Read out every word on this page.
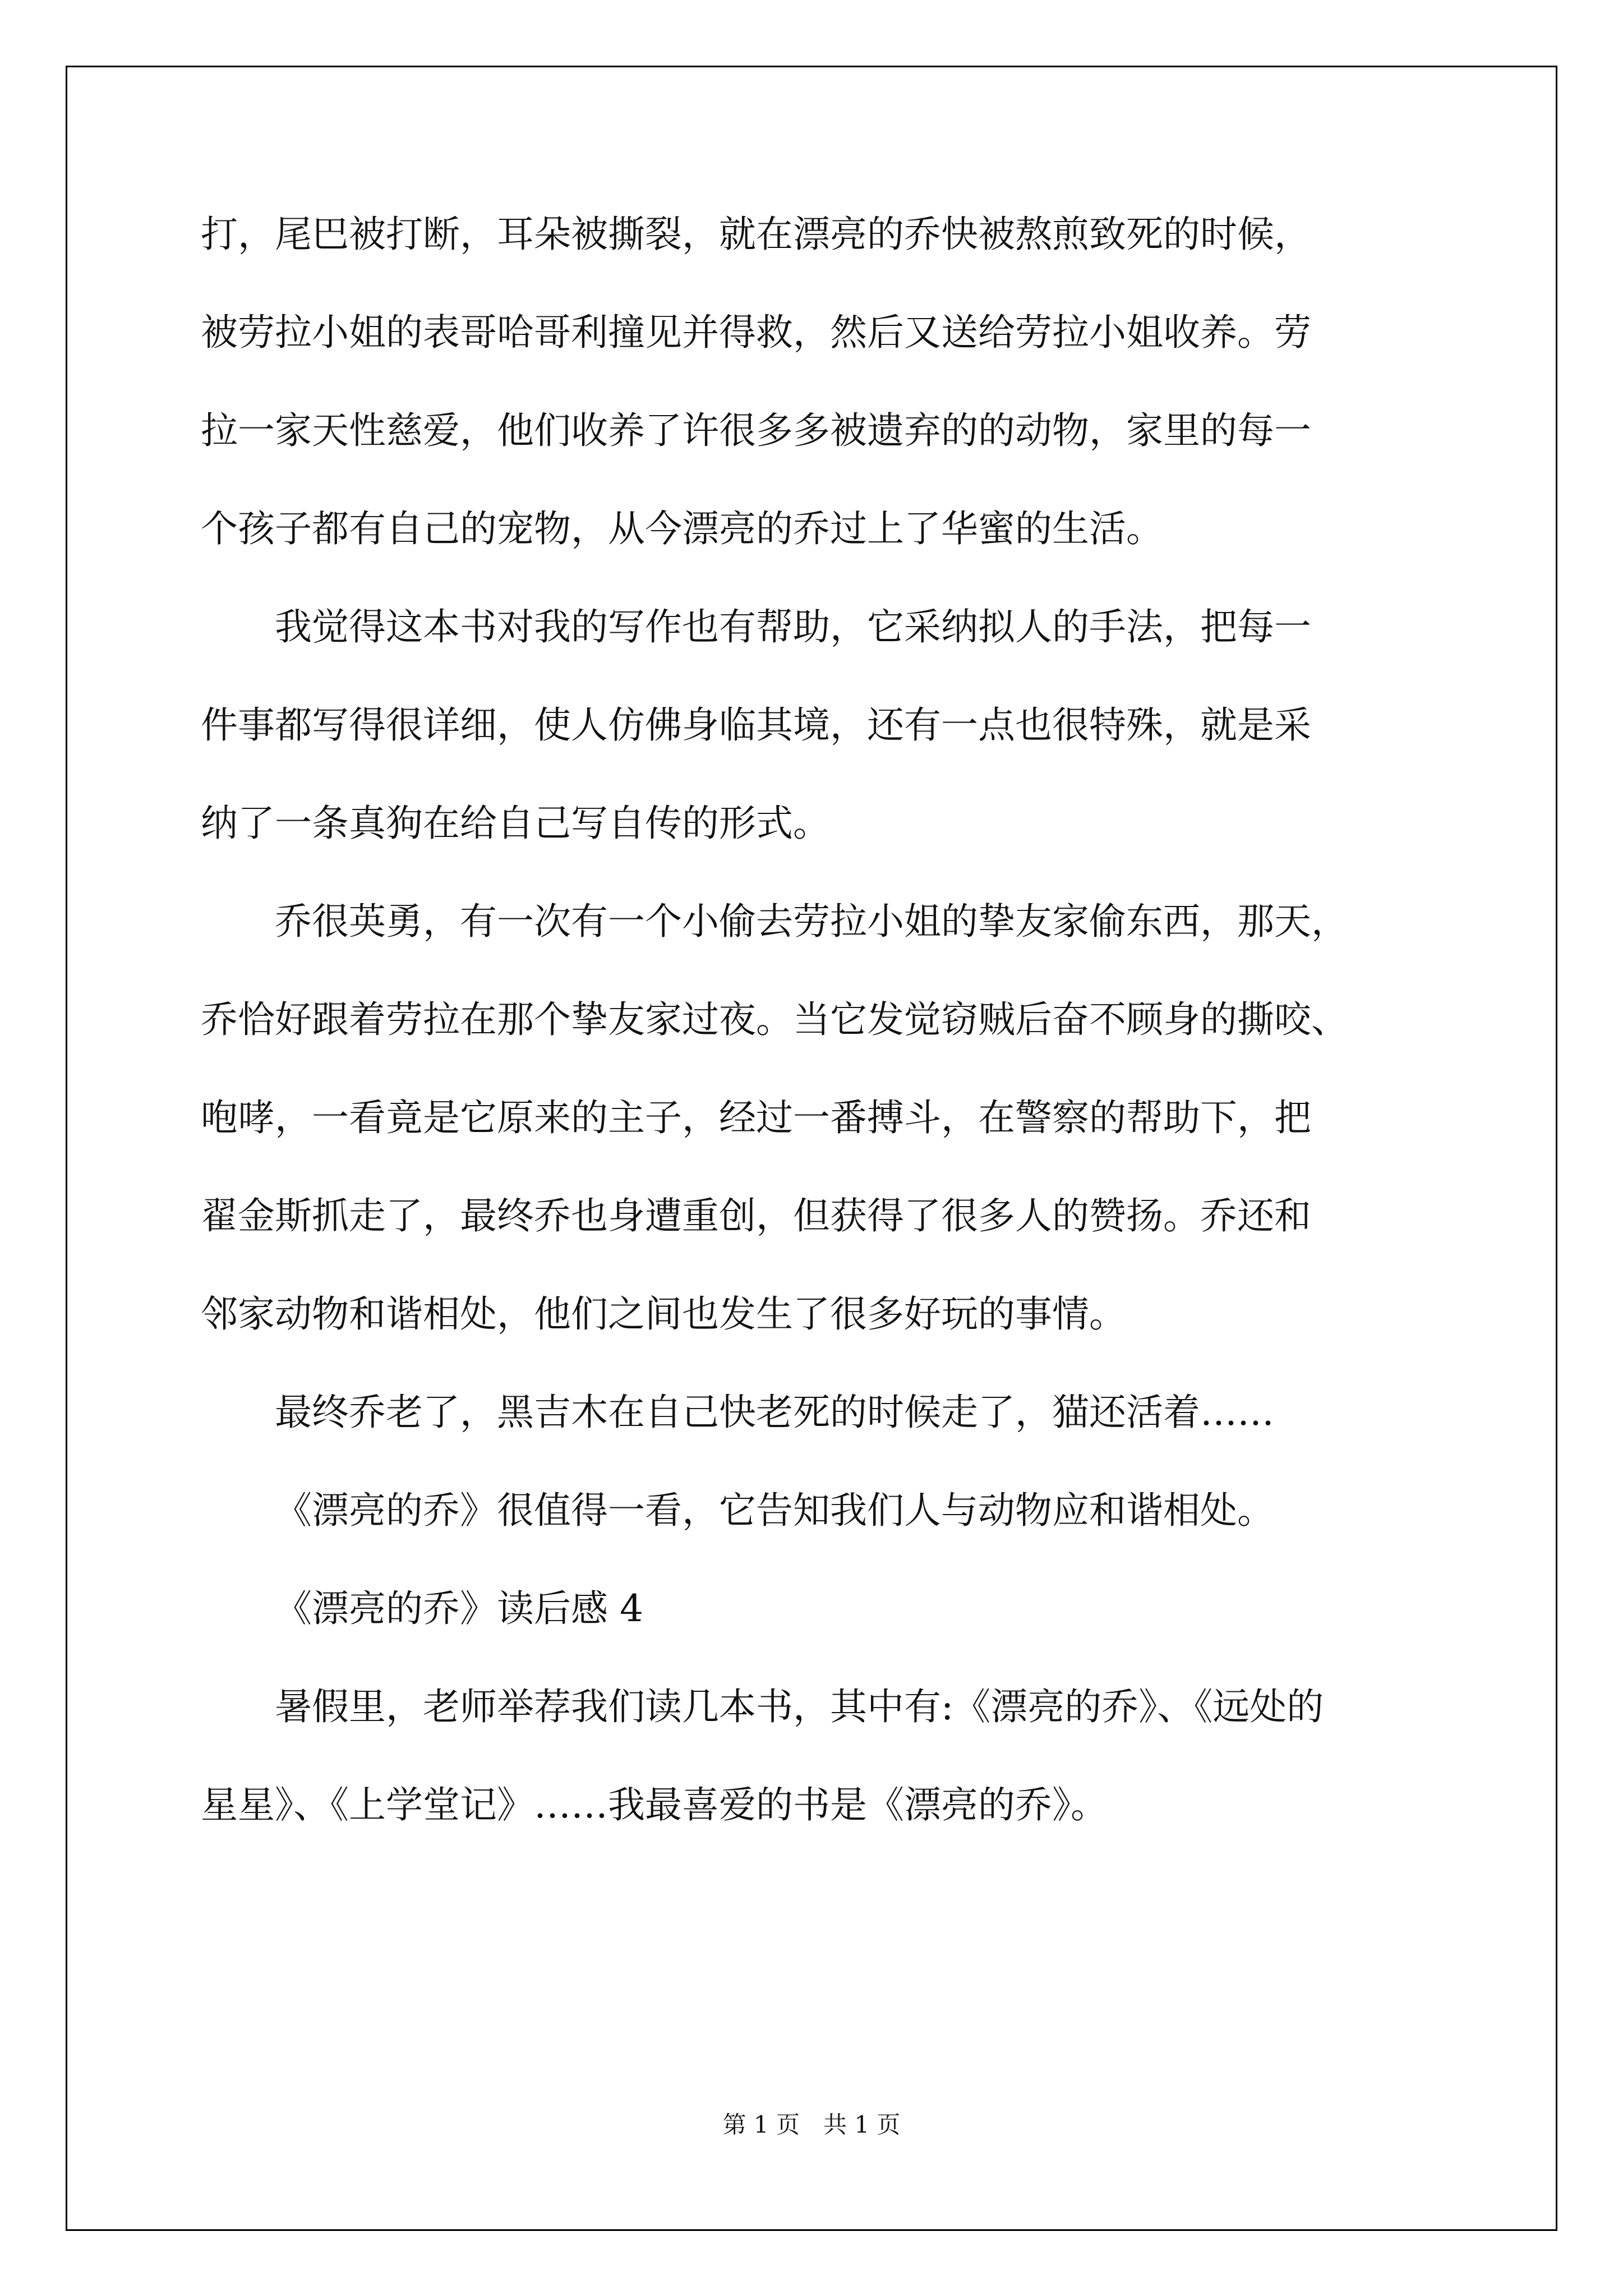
打，尾巴被打断，耳朵被撕裂，就在漂亮的乔快被熬煎致死的时候，
被劳拉小姐的表哥哈哥利撞见并得救，然后又送给劳拉小姐收养。劳
拉一家天性慈爱，他们收养了许很多多被遗弃的的动物，家里的每一
个孩子都有自己的宠物，从今漂亮的乔过上了华蜜的生活。
我觉得这本书对我的写作也有帮助，它采纳拟人的手法，把每一
件事都写得很详细，使人仿佛身临其境，还有一点也很特殊，就是采
纳了一条真狗在给自己写自传的形式。
乔很英勇，有一次有一个小偷去劳拉小姐的挚友家偷东西，那天，
乔恰好跟着劳拉在那个挚友家过夜。当它发觉窃贼后奋不顾身的撕咬、
咆哮，一看竟是它原来的主子，经过一番搏斗，在警察的帮助下，把
翟金斯抓走了，最终乔也身遭重创，但获得了很多人的赞扬。乔还和
邻家动物和谐相处，他们之间也发生了很多好玩的事情。
最终乔老了，黑吉木在自己快老死的时候走了，猫还活着……
《漂亮的乔》很值得一看，它告知我们人与动物应和谐相处。
《漂亮的乔》读后感 4
暑假里，老师举荐我们读几本书，其中有:《漂亮的乔》、《远处的
星星》、《上学堂记》……我最喜爱的书是《漂亮的乔》。
第 1 页　共 1 页
